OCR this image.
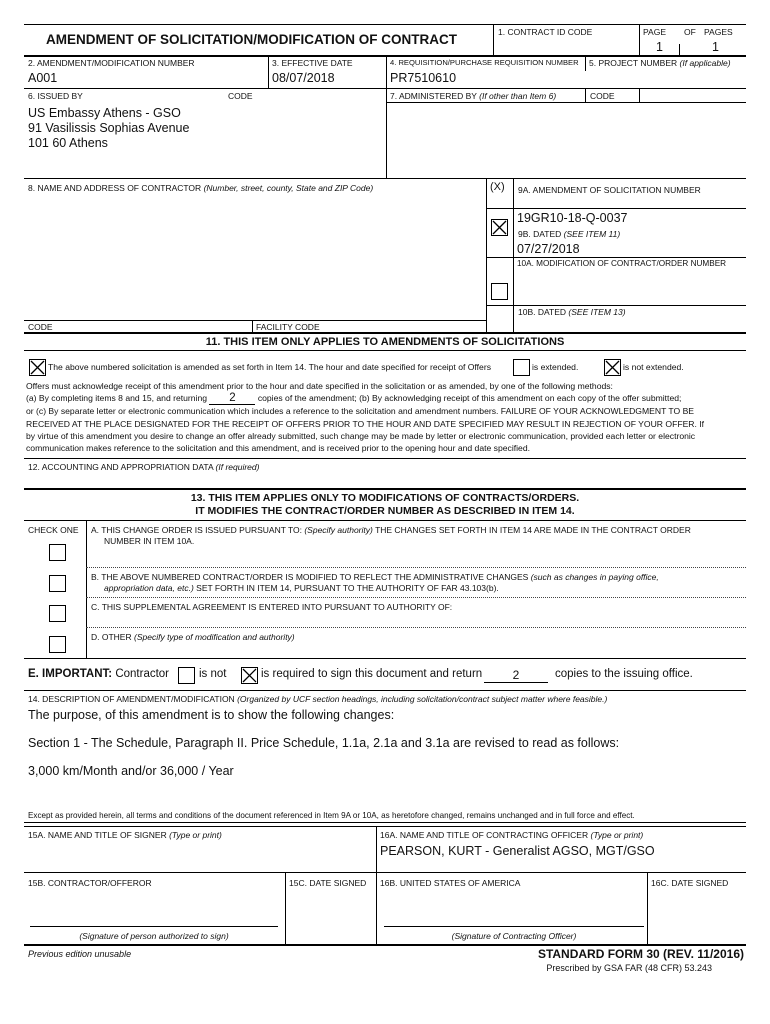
AMENDMENT OF SOLICITATION/MODIFICATION OF CONTRACT	1. CONTRACT ID CODE	PAGE OF PAGES
1	1
2. AMENDMENT/MODIFICATION NUMBER
A001
3. EFFECTIVE DATE
08/07/2018
4. REQUISITION/PURCHASE REQUISITION NUMBER
PR7510610
5. PROJECT NUMBER (If applicable)
6. ISSUED BY	CODE
US Embassy Athens - GSO
91 Vasilissis Sophias Avenue
101 60 Athens
7. ADMINISTERED BY (If other than Item 6)	CODE
8. NAME AND ADDRESS OF CONTRACTOR (Number, street, county, State and ZIP Code)	(X) 9A. AMENDMENT OF SOLICITATION NUMBER
19GR10-18-Q-0037
9B. DATED (SEE ITEM 11)
07/27/2018
10A. MODIFICATION OF CONTRACT/ORDER NUMBER
10B. DATED (SEE ITEM 13)
CODE	FACILITY CODE
11. THIS ITEM ONLY APPLIES TO AMENDMENTS OF SOLICITATIONS
The above numbered solicitation is amended as set forth in Item 14. The hour and date specified for receipt of Offers	is extended.	is not extended.
Offers must acknowledge receipt of this amendment prior to the hour and date specified in the solicitation or as amended, by one of the following methods:
(a) By completing items 8 and 15, and returning 2	copies of the amendment; (b) By acknowledging receipt of this amendment on each copy of the offer submitted;
or (c) By separate letter or electronic communication which includes a reference to the solicitation and amendment numbers. FAILURE OF YOUR ACKNOWLEDGMENT TO BE
RECEIVED AT THE PLACE DESIGNATED FOR THE RECEIPT OF OFFERS PRIOR TO THE HOUR AND DATE SPECIFIED MAY RESULT IN REJECTION OF YOUR OFFER. If
by virtue of this amendment you desire to change an offer already submitted, such change may be made by letter or electronic communication, provided each letter or electronic
communication makes reference to the solicitation and this amendment, and is received prior to the opening hour and date specified.
12. ACCOUNTING AND APPROPRIATION DATA (If required)
13. THIS ITEM APPLIES ONLY TO MODIFICATIONS OF CONTRACTS/ORDERS.
IT MODIFIES THE CONTRACT/ORDER NUMBER AS DESCRIBED IN ITEM 14.
CHECK ONE A. THIS CHANGE ORDER IS ISSUED PURSUANT TO: (Specify authority) THE CHANGES SET FORTH IN ITEM 14 ARE MADE IN THE CONTRACT ORDER
NUMBER IN ITEM 10A.
B. THE ABOVE NUMBERED CONTRACT/ORDER IS MODIFIED TO REFLECT THE ADMINISTRATIVE CHANGES (such as changes in paying office,
appropriation data, etc.) SET FORTH IN ITEM 14, PURSUANT TO THE AUTHORITY OF FAR 43.103(b).
C. THIS SUPPLEMENTAL AGREEMENT IS ENTERED INTO PURSUANT TO AUTHORITY OF:
D. OTHER (Specify type of modification and authority)
E. IMPORTANT: Contractor	is not	is required to sign this document and return	2	copies to the issuing office.
14. DESCRIPTION OF AMENDMENT/MODIFICATION (Organized by UCF section headings, including solicitation/contract subject matter where feasible.)
The purpose, of this amendment is to show the following changes:
Section 1 - The Schedule, Paragraph II. Price Schedule, 1.1a, 2.1a and 3.1a are revised to read as follows:
3,000 km/Month and/or 36,000 / Year
Except as provided herein, all terms and conditions of the document referenced in Item 9A or 10A, as heretofore changed, remains unchanged and in full force and effect.
15A. NAME AND TITLE OF SIGNER (Type or print)	16A. NAME AND TITLE OF CONTRACTING OFFICER (Type or print)
PEARSON, KURT - Generalist AGSO, MGT/GSO
15B. CONTRACTOR/OFFEROR	15C. DATE SIGNED 16B. UNITED STATES OF AMERICA	16C. DATE SIGNED
(Signature of person authorized to sign)	(Signature of Contracting Officer)
Previous edition unusable	STANDARD FORM 30 (REV. 11/2016)
Prescribed by GSA FAR (48 CFR) 53.243
